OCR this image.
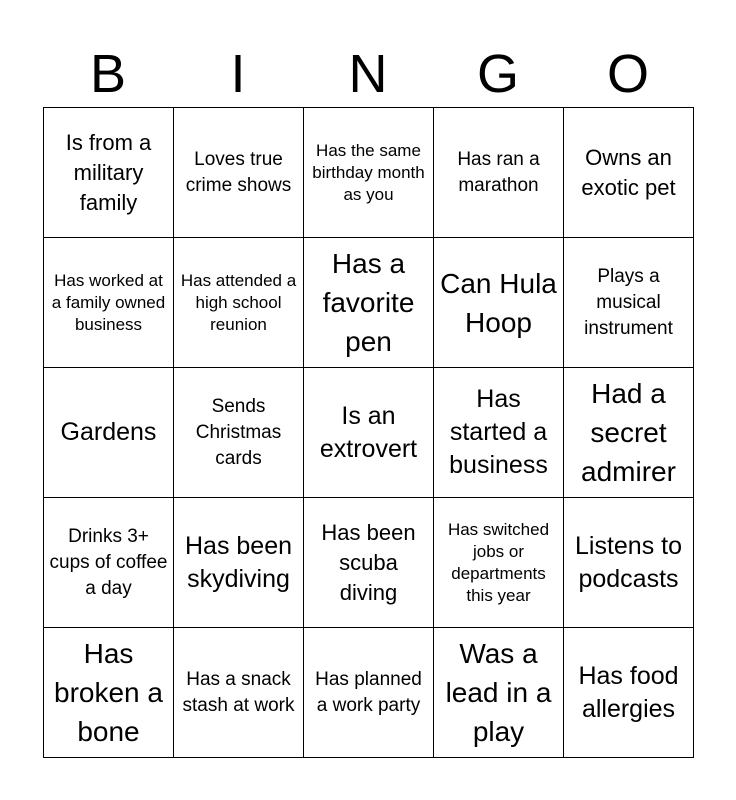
B	I	N	G	O
Is from a military family	Loves true crime shows	Has the same birthday month as you	Has ran a marathon	Owns an exotic pet
Has worked at a family owned business	Has attended a high school reunion	Has a favorite pen	Can Hula Hoop	Plays a musical instrument
Gardens	Sends Christmas cards	Is an extrovert	Has started a business	Had a secret admirer
Drinks 3+ cups of coffee a day	Has been skydiving	Has been scuba diving	Has switched jobs or departments this year	Listens to podcasts
Has broken a bone	Has a snack stash at work	Has planned a work party	Was a lead in a play	Has food allergies
